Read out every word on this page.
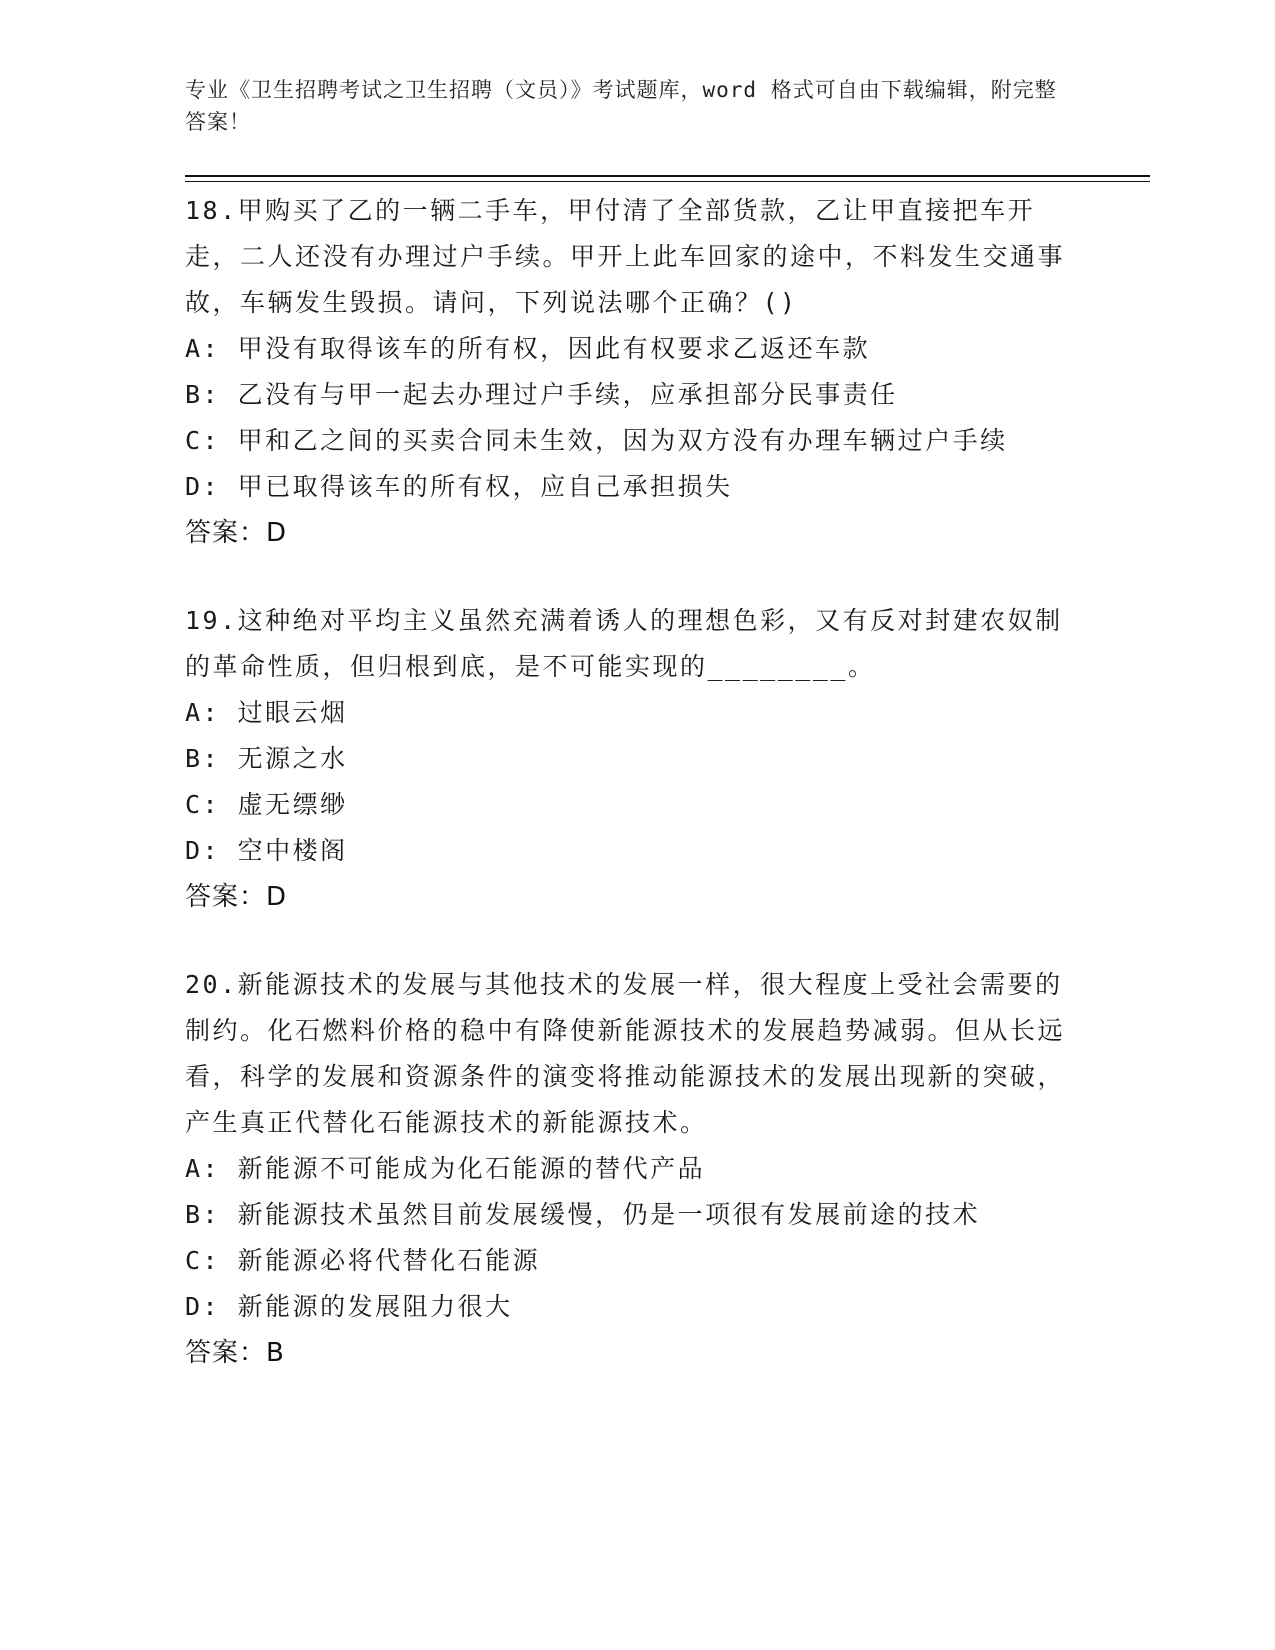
专业《卫生招聘考试之卫生招聘（文员）》考试题库，word 格式可自由下载编辑，附完整答案！
18.甲购买了乙的一辆二手车，甲付清了全部货款，乙让甲直接把车开走，二人还没有办理过户手续。甲开上此车回家的途中，不料发生交通事故，车辆发生毁损。请问，下列说法哪个正确？()
A: 甲没有取得该车的所有权，因此有权要求乙返还车款
B: 乙没有与甲一起去办理过户手续，应承担部分民事责任
C: 甲和乙之间的买卖合同未生效，因为双方没有办理车辆过户手续
D: 甲已取得该车的所有权，应自己承担损失
答案：D
19.这种绝对平均主义虽然充满着诱人的理想色彩，又有反对封建农奴制的革命性质，但归根到底，是不可能实现的________。
A: 过眼云烟
B: 无源之水
C: 虚无缥缈
D: 空中楼阁
答案：D
20.新能源技术的发展与其他技术的发展一样，很大程度上受社会需要的制约。化石燃料价格的稳中有降使新能源技术的发展趋势减弱。但从长远看，科学的发展和资源条件的演变将推动能源技术的发展出现新的突破，产生真正代替化石能源技术的新能源技术。
A: 新能源不可能成为化石能源的替代产品
B: 新能源技术虽然目前发展缓慢，仍是一项很有发展前途的技术
C: 新能源必将代替化石能源
D: 新能源的发展阻力很大
答案：B
